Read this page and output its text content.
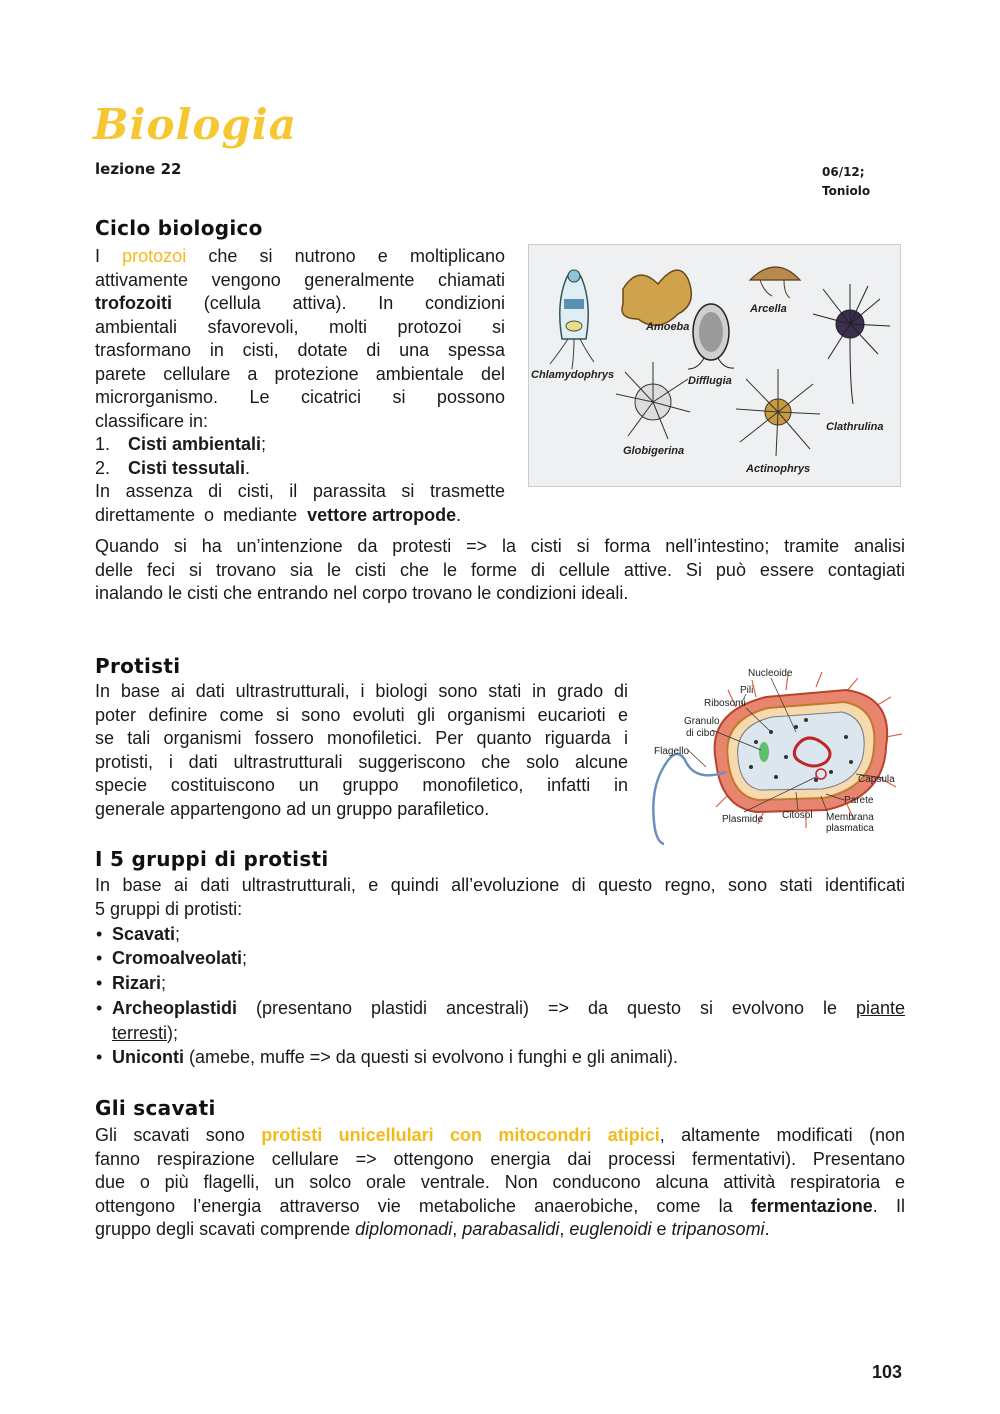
Biologia
lezione 22	06/12;
Toniolo
Ciclo biologico
I protozoi che si nutrono e moltiplicano
attivamente vengono generalmente chiamati
trofozoiti (cellula attiva). In condizioni
ambientali sfavorevoli, molti protozoi si
trasformano in cisti, dotate di una spessa
parete cellulare a protezione ambientale del
microrganismo. Le cicatrici si possono
classificare in:
1. Cisti ambientali;
2. Cisti tessutali.
In assenza di cisti, il parassita si trasmette
direttamente o mediante vettore artropode.
Quando si ha un’intenzione da protesti => la cisti si forma nell’intestino; tramite analisi
delle feci si trovano sia le cisti che le forme di cellule attive. Si può essere contagiati
inalando le cisti che entrando nel corpo trovano le condizioni ideali.
Amoeba
Arcella
Chlamydophrys	Difflugia
Clathrulina
Globigerina
Actinophrys
Protisti
In base ai dati ultrastrutturali, i biologi sono stati in grado di
poter definire come si sono evoluti gli organismi eucarioti e
se tali organismi fossero monofiletici. Per quanto riguarda i
protisti, i dati ultrastrutturali suggeriscono che solo alcune
specie costituiscono un gruppo monofiletico, infatti in
generale appartengono ad un gruppo parafiletico.
Nucleoide
Pili
Ribosomi
Granulo
di cibo
Flagello
Capsula
Parete
Plasmide Citosol Membrana
plasmatica
I 5 gruppi di protisti
In base ai dati ultrastrutturali, e quindi all’evoluzione di questo regno, sono stati identificati
5 gruppi di protisti:
• Scavati;
• Cromoalveolati;
• Rizari;
• Archeoplastidi (presentano plastidi ancestrali) => da questo si evolvono le piante
terresti);
• Uniconti (amebe, muffe => da questi si evolvono i funghi e gli animali).
Gli scavati
Gli scavati sono protisti unicellulari con mitocondri atipici, altamente modificati (non
fanno respirazione cellulare => ottengono energia dai processi fermentativi). Presentano
due o più flagelli, un solco orale ventrale. Non conducono alcuna attività respiratoria e
ottengono l’energia attraverso vie metaboliche anaerobiche, come la fermentazione. Il
gruppo degli scavati comprende diplomonadi, parabasalidi, euglenoidi e tripanosomi.
103
